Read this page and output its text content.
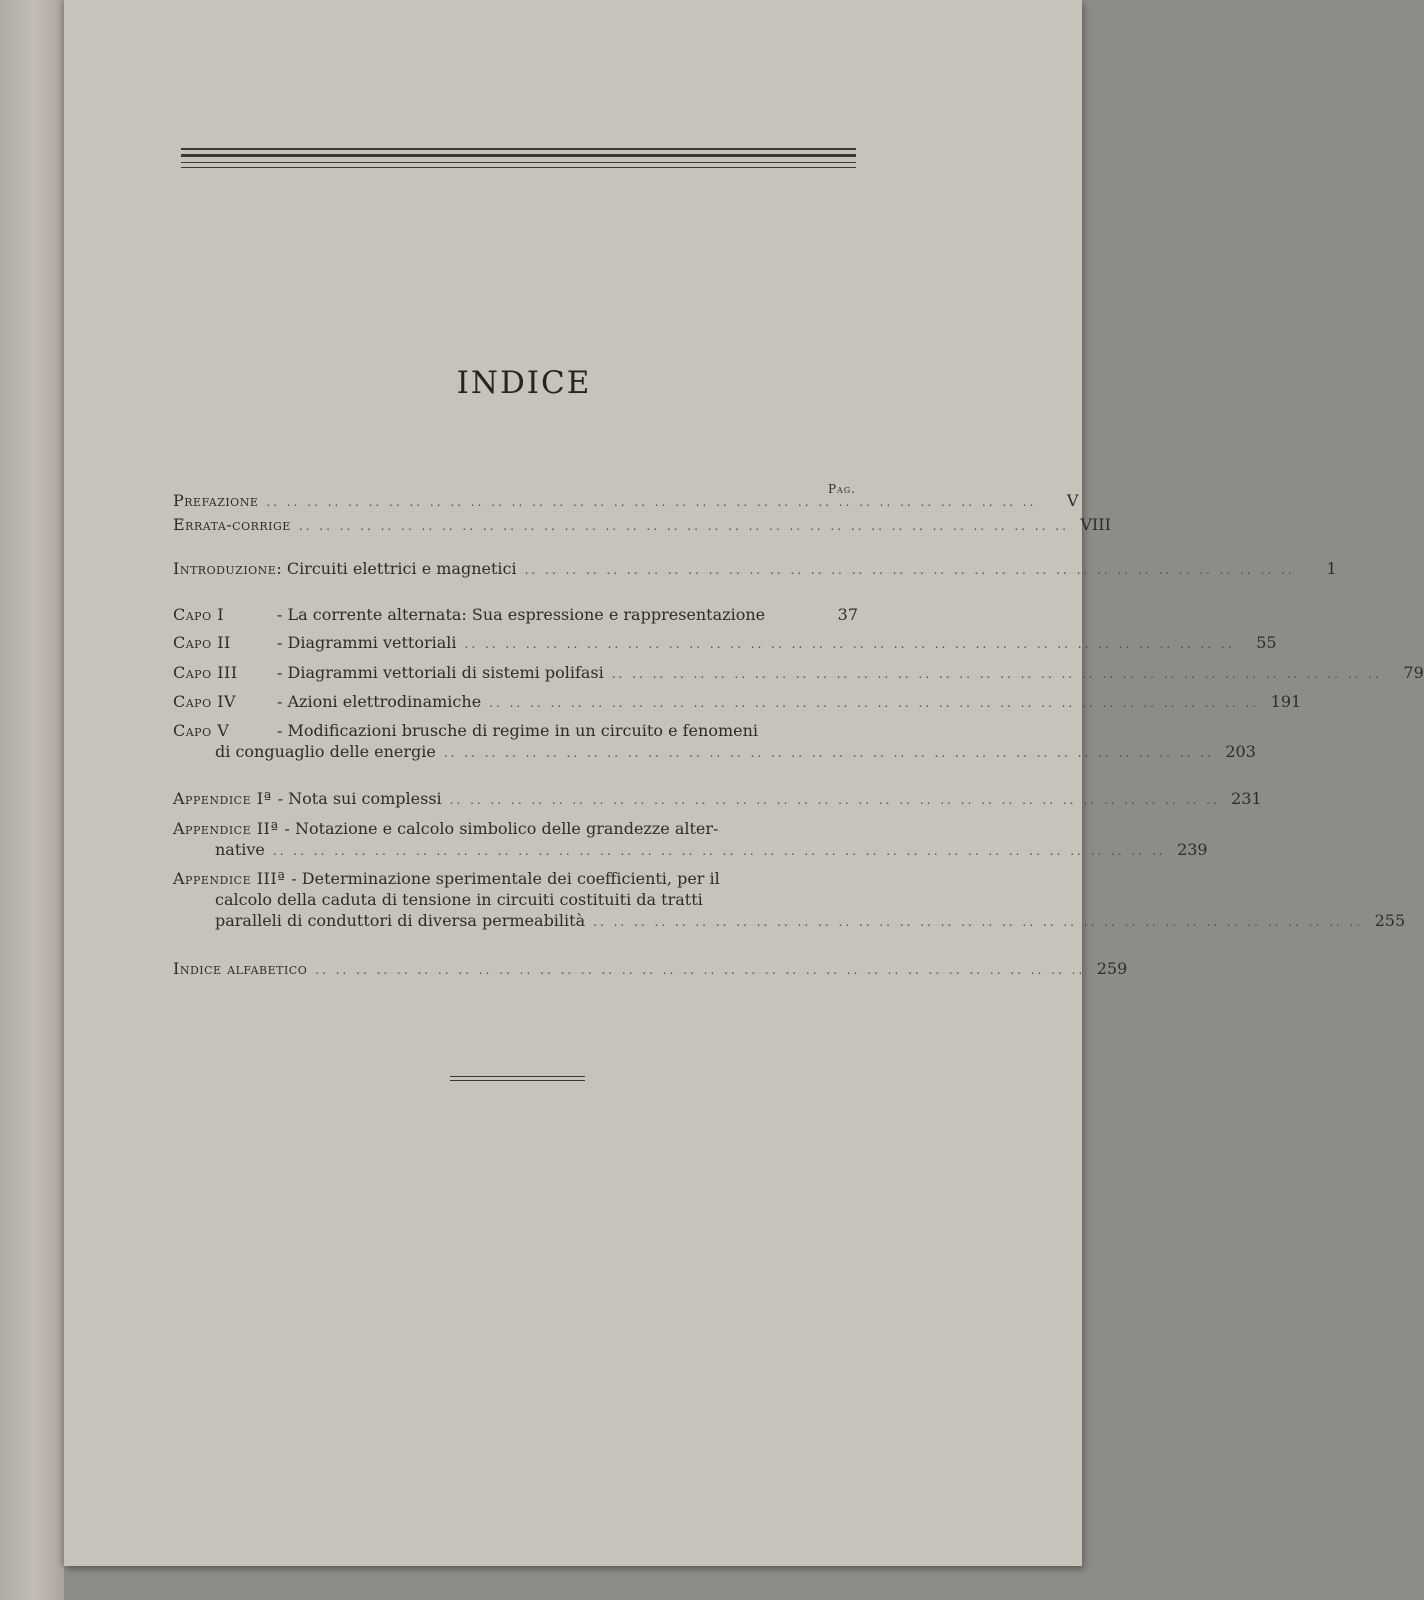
INDICE
Pag.
Prefazione .. .. .. .. .. .. .. .. .. .. .. .. .. .. .. .. .. .. .. .. .. .. .. .. .. .. .. .. .. .. .. .. .. .. .. .. .. ..	V
Errata-corrige .. .. .. .. .. .. .. .. .. .. .. .. .. .. .. .. .. .. .. .. .. .. .. .. .. .. .. .. .. .. .. .. .. .. .. .. .. .. VIII
Introduzione : Circuiti elettrici e magnetici .. .. .. .. .. .. .. .. .. .. .. .. .. .. .. .. .. .. .. .. .. .. .. .. .. .. .. .. .. .. .. .. .. .. .. .. .. ..	1
Capo I	- La corrente alternata: Sua espressione e rappresentazione	37
Capo II	- Diagrammi vettoriali .. .. .. .. .. .. .. .. .. .. .. .. .. .. .. .. .. .. .. .. .. .. .. .. .. .. .. .. .. .. .. .. .. .. .. .. .. ..	55
Capo III	- Diagrammi vettoriali di sistemi polifasi .. .. .. .. .. .. .. .. .. .. .. .. .. .. .. .. .. .. .. .. .. .. .. .. .. .. .. .. .. .. .. .. .. .. .. .. .. ..	79
Capo IV	- Azioni elettrodinamiche .. .. .. .. .. .. .. .. .. .. .. .. .. .. .. .. .. .. .. .. .. .. .. .. .. .. .. .. .. .. .. .. .. .. .. .. .. .. 191
Capo V	- Modificazioni brusche di regime in un circuito e fenomeni
di conguaglio delle energie .. .. .. .. .. .. .. .. .. .. .. .. .. .. .. .. .. .. .. .. .. .. .. .. .. .. .. .. .. .. .. .. .. .. .. .. .. .. 203
Appendice Iª - Nota sui complessi .. .. .. .. .. .. .. .. .. .. .. .. .. .. .. .. .. .. .. .. .. .. .. .. .. .. .. .. .. .. .. .. .. .. .. .. .. .. 231
Appendice IIª - Notazione e calcolo simbolico delle grandezze alter-
native .. .. .. .. .. .. .. .. .. .. .. .. .. .. .. .. .. .. .. .. .. .. .. .. .. .. .. .. .. .. .. .. .. .. .. .. .. .. .. .. .. .. .. .. 239
Appendice IIIª - Determinazione sperimentale dei coefficienti, per il
calcolo della caduta di tensione in circuiti costituiti da tratti
paralleli di conduttori di diversa permeabilità .. .. .. .. .. .. .. .. .. .. .. .. .. .. .. .. .. .. .. .. .. .. .. .. .. .. .. .. .. .. .. .. .. .. .. .. .. .. 255
Indice alfabetico .. .. .. .. .. .. .. .. .. .. .. .. .. .. .. .. .. .. .. .. .. .. .. .. .. .. .. .. .. .. .. .. .. .. .. .. .. .. 259
